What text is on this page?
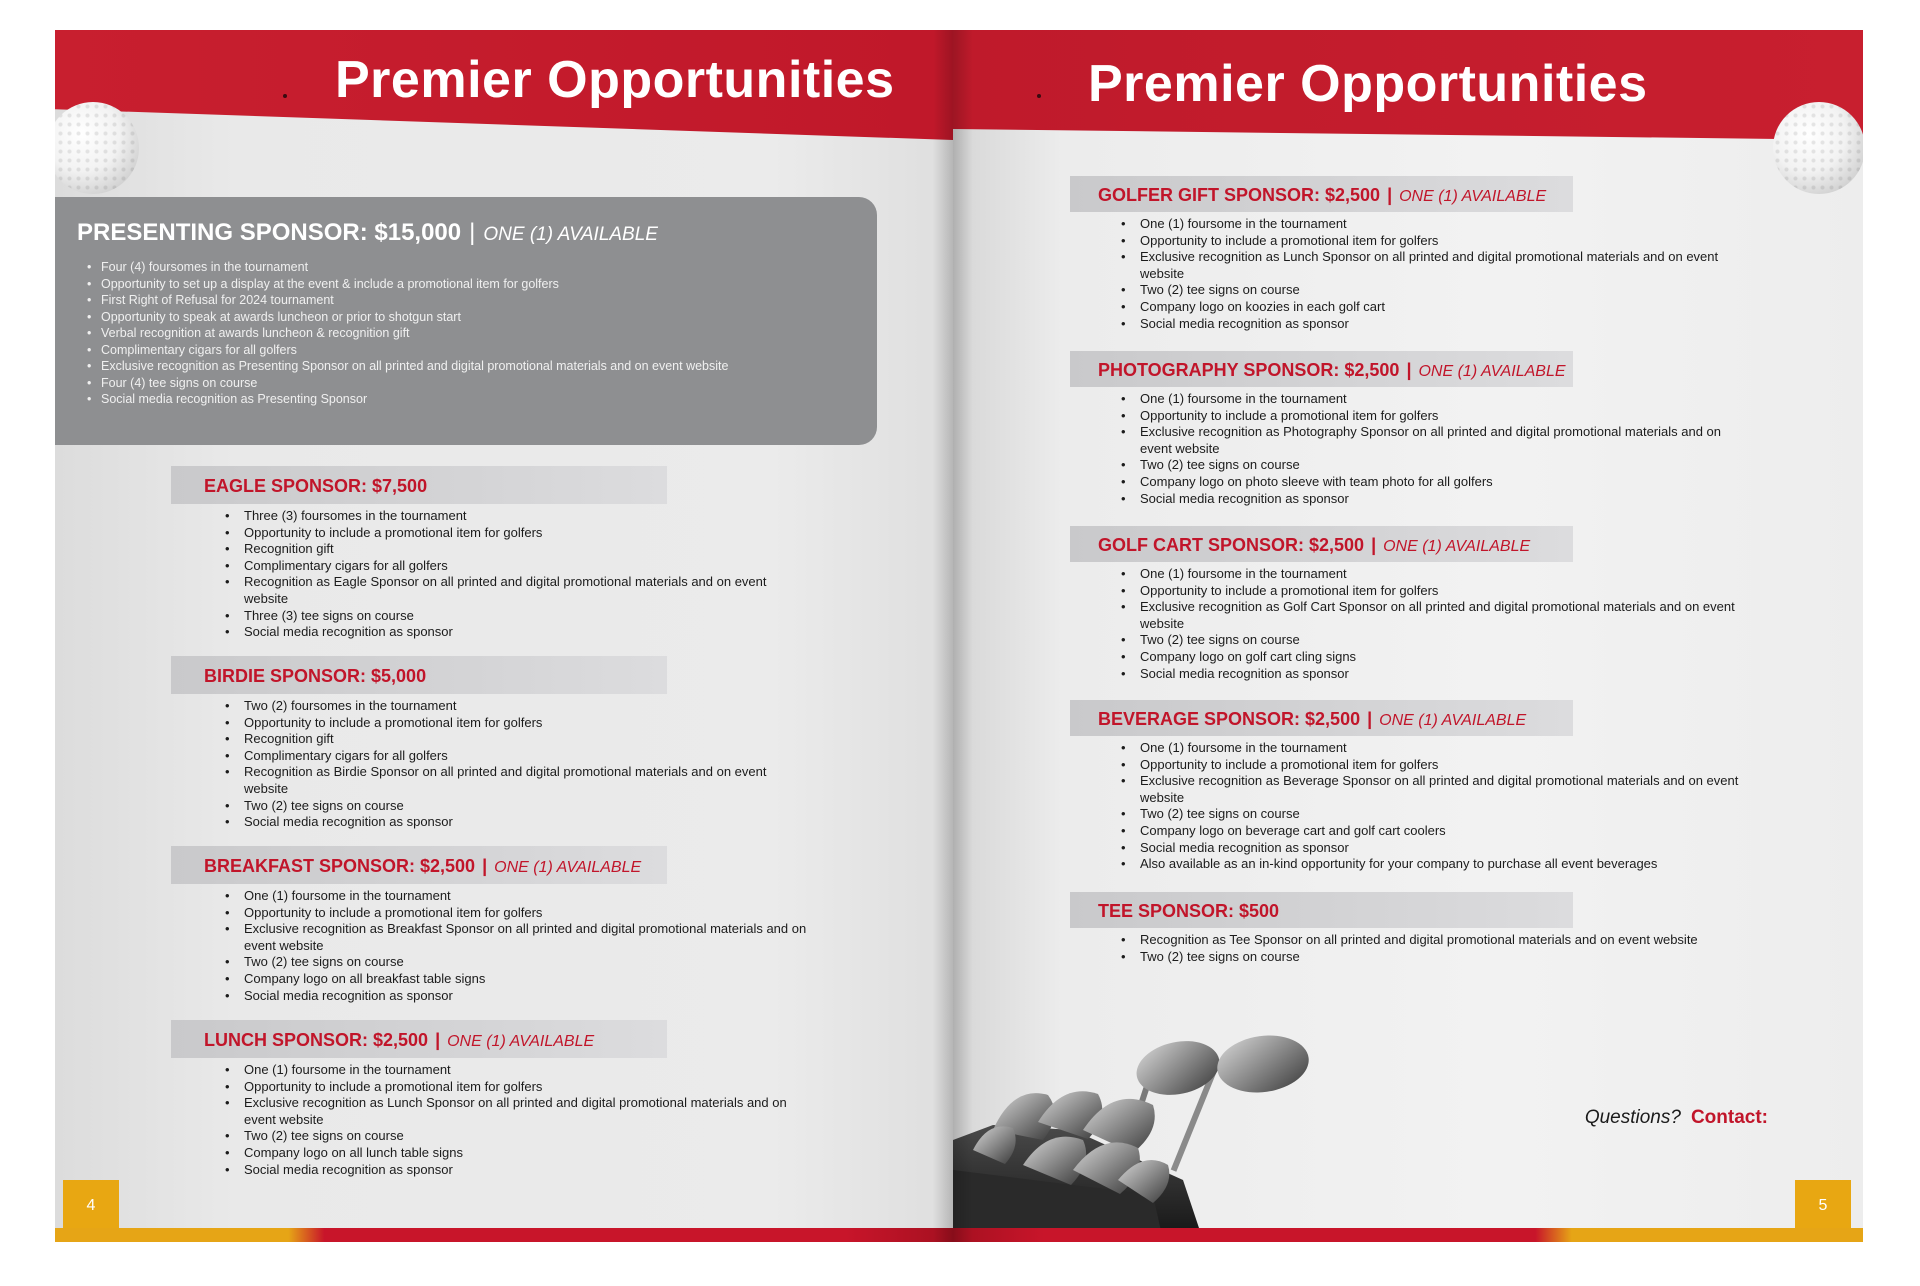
Premier Opportunities
PRESENTING SPONSOR: $15,000 | ONE (1) AVAILABLE
• Four (4) foursomes in the tournament
• Opportunity to set up a display at the event & include a promotional item for golfers
• First Right of Refusal for 2024 tournament
• Opportunity to speak at awards luncheon or prior to shotgun start
• Verbal recognition at awards luncheon & recognition gift
• Complimentary cigars for all golfers
• Exclusive recognition as Presenting Sponsor on all printed and digital promotional materials and on event website
• Four (4) tee signs on course
• Social media recognition as Presenting Sponsor
EAGLE SPONSOR: $7,500
• Three (3) foursomes in the tournament
• Opportunity to include a promotional item for golfers
• Recognition gift
• Complimentary cigars for all golfers
• Recognition as Eagle Sponsor on all printed and digital promotional materials and on event website
• Three (3) tee signs on course
• Social media recognition as sponsor
BIRDIE SPONSOR: $5,000
• Two (2) foursomes in the tournament
• Opportunity to include a promotional item for golfers
• Recognition gift
• Complimentary cigars for all golfers
• Recognition as Birdie Sponsor on all printed and digital promotional materials and on event website
• Two (2) tee signs on course
• Social media recognition as sponsor
BREAKFAST SPONSOR: $2,500 | ONE (1) AVAILABLE
• One (1) foursome in the tournament
• Opportunity to include a promotional item for golfers
• Exclusive recognition as Breakfast Sponsor on all printed and digital promotional materials and on event website
• Two (2) tee signs on course
• Company logo on all breakfast table signs
• Social media recognition as sponsor
LUNCH SPONSOR: $2,500 | ONE (1) AVAILABLE
• One (1) foursome in the tournament
• Opportunity to include a promotional item for golfers
• Exclusive recognition as Lunch Sponsor on all printed and digital promotional materials and on event website
• Two (2) tee signs on course
• Company logo on all lunch table signs
• Social media recognition as sponsor
4
Premier Opportunities
GOLFER GIFT SPONSOR: $2,500 | ONE (1) AVAILABLE
• One (1) foursome in the tournament
• Opportunity to include a promotional item for golfers
• Exclusive recognition as Lunch Sponsor on all printed and digital promotional materials and on event website
• Two (2) tee signs on course
• Company logo on koozies in each golf cart
• Social media recognition as sponsor
PHOTOGRAPHY SPONSOR: $2,500 | ONE (1) AVAILABLE
• One (1) foursome in the tournament
• Opportunity to include a promotional item for golfers
• Exclusive recognition as Photography Sponsor on all printed and digital promotional materials and on event website
• Two (2) tee signs on course
• Company logo on photo sleeve with team photo for all golfers
• Social media recognition as sponsor
GOLF CART SPONSOR: $2,500 | ONE (1) AVAILABLE
• One (1) foursome in the tournament
• Opportunity to include a promotional item for golfers
• Exclusive recognition as Golf Cart Sponsor on all printed and digital promotional materials and on event website
• Two (2) tee signs on course
• Company logo on golf cart cling signs
• Social media recognition as sponsor
BEVERAGE SPONSOR: $2,500 | ONE (1) AVAILABLE
• One (1) foursome in the tournament
• Opportunity to include a promotional item for golfers
• Exclusive recognition as Beverage Sponsor on all printed and digital promotional materials and on event website
• Two (2) tee signs on course
• Company logo on beverage cart and golf cart coolers
• Social media recognition as sponsor
• Also available as an in-kind opportunity for your company to purchase all event beverages
TEE SPONSOR: $500
• Recognition as Tee Sponsor on all printed and digital promotional materials and on event website
• Two (2) tee signs on course
Questions? Contact:
5
